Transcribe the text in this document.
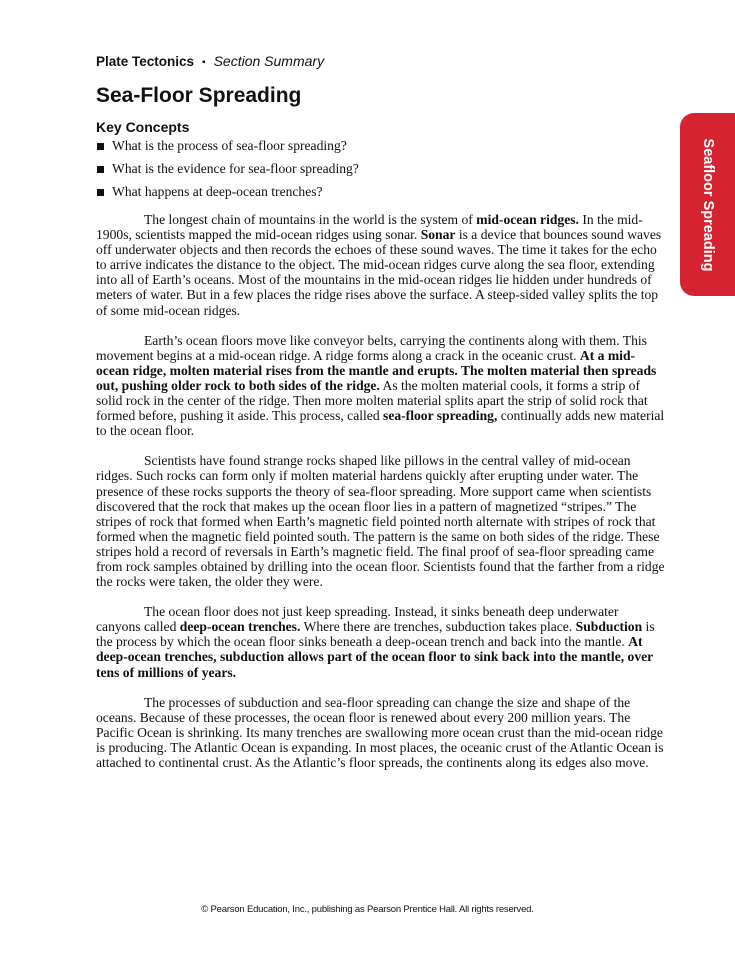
Plate Tectonics ▪ Section Summary
Sea-Floor Spreading
Key Concepts
What is the process of sea-floor spreading?
What is the evidence for sea-floor spreading?
What happens at deep-ocean trenches?

The longest chain of mountains in the world is the system of mid-ocean ridges. In the mid-1900s, scientists mapped the mid-ocean ridges using sonar. Sonar is a device that bounces sound waves off underwater objects and then records the echoes of these sound waves. The time it takes for the echo to arrive indicates the distance to the object. The mid-ocean ridges curve along the sea floor, extending into all of Earth’s oceans. Most of the mountains in the mid-ocean ridges lie hidden under hundreds of meters of water. But in a few places the ridge rises above the surface. A steep-sided valley splits the top of some mid-ocean ridges.

Earth’s ocean floors move like conveyor belts, carrying the continents along with them. This movement begins at a mid-ocean ridge. A ridge forms along a crack in the oceanic crust. At a mid-ocean ridge, molten material rises from the mantle and erupts. The molten material then spreads out, pushing older rock to both sides of the ridge. As the molten material cools, it forms a strip of solid rock in the center of the ridge. Then more molten material splits apart the strip of solid rock that formed before, pushing it aside. This process, called sea-floor spreading, continually adds new material to the ocean floor.

Scientists have found strange rocks shaped like pillows in the central valley of mid-ocean ridges. Such rocks can form only if molten material hardens quickly after erupting under water. The presence of these rocks supports the theory of sea-floor spreading. More support came when scientists discovered that the rock that makes up the ocean floor lies in a pattern of magnetized “stripes.” The stripes of rock that formed when Earth’s magnetic field pointed north alternate with stripes of rock that formed when the magnetic field pointed south. The pattern is the same on both sides of the ridge. These stripes hold a record of reversals in Earth’s magnetic field. The final proof of sea-floor spreading came from rock samples obtained by drilling into the ocean floor. Scientists found that the farther from a ridge the rocks were taken, the older they were.

The ocean floor does not just keep spreading. Instead, it sinks beneath deep underwater canyons called deep-ocean trenches. Where there are trenches, subduction takes place. Subduction is the process by which the ocean floor sinks beneath a deep-ocean trench and back into the mantle. At deep-ocean trenches, subduction allows part of the ocean floor to sink back into the mantle, over tens of millions of years.

The processes of subduction and sea-floor spreading can change the size and shape of the oceans. Because of these processes, the ocean floor is renewed about every 200 million years. The Pacific Ocean is shrinking. Its many trenches are swallowing more ocean crust than the mid-ocean ridge is producing. The Atlantic Ocean is expanding. In most places, the oceanic crust of the Atlantic Ocean is attached to continental crust. As the Atlantic’s floor spreads, the continents along its edges also move.

Seafloor Spreading
© Pearson Education, Inc., publishing as Pearson Prentice Hall. All rights reserved.
